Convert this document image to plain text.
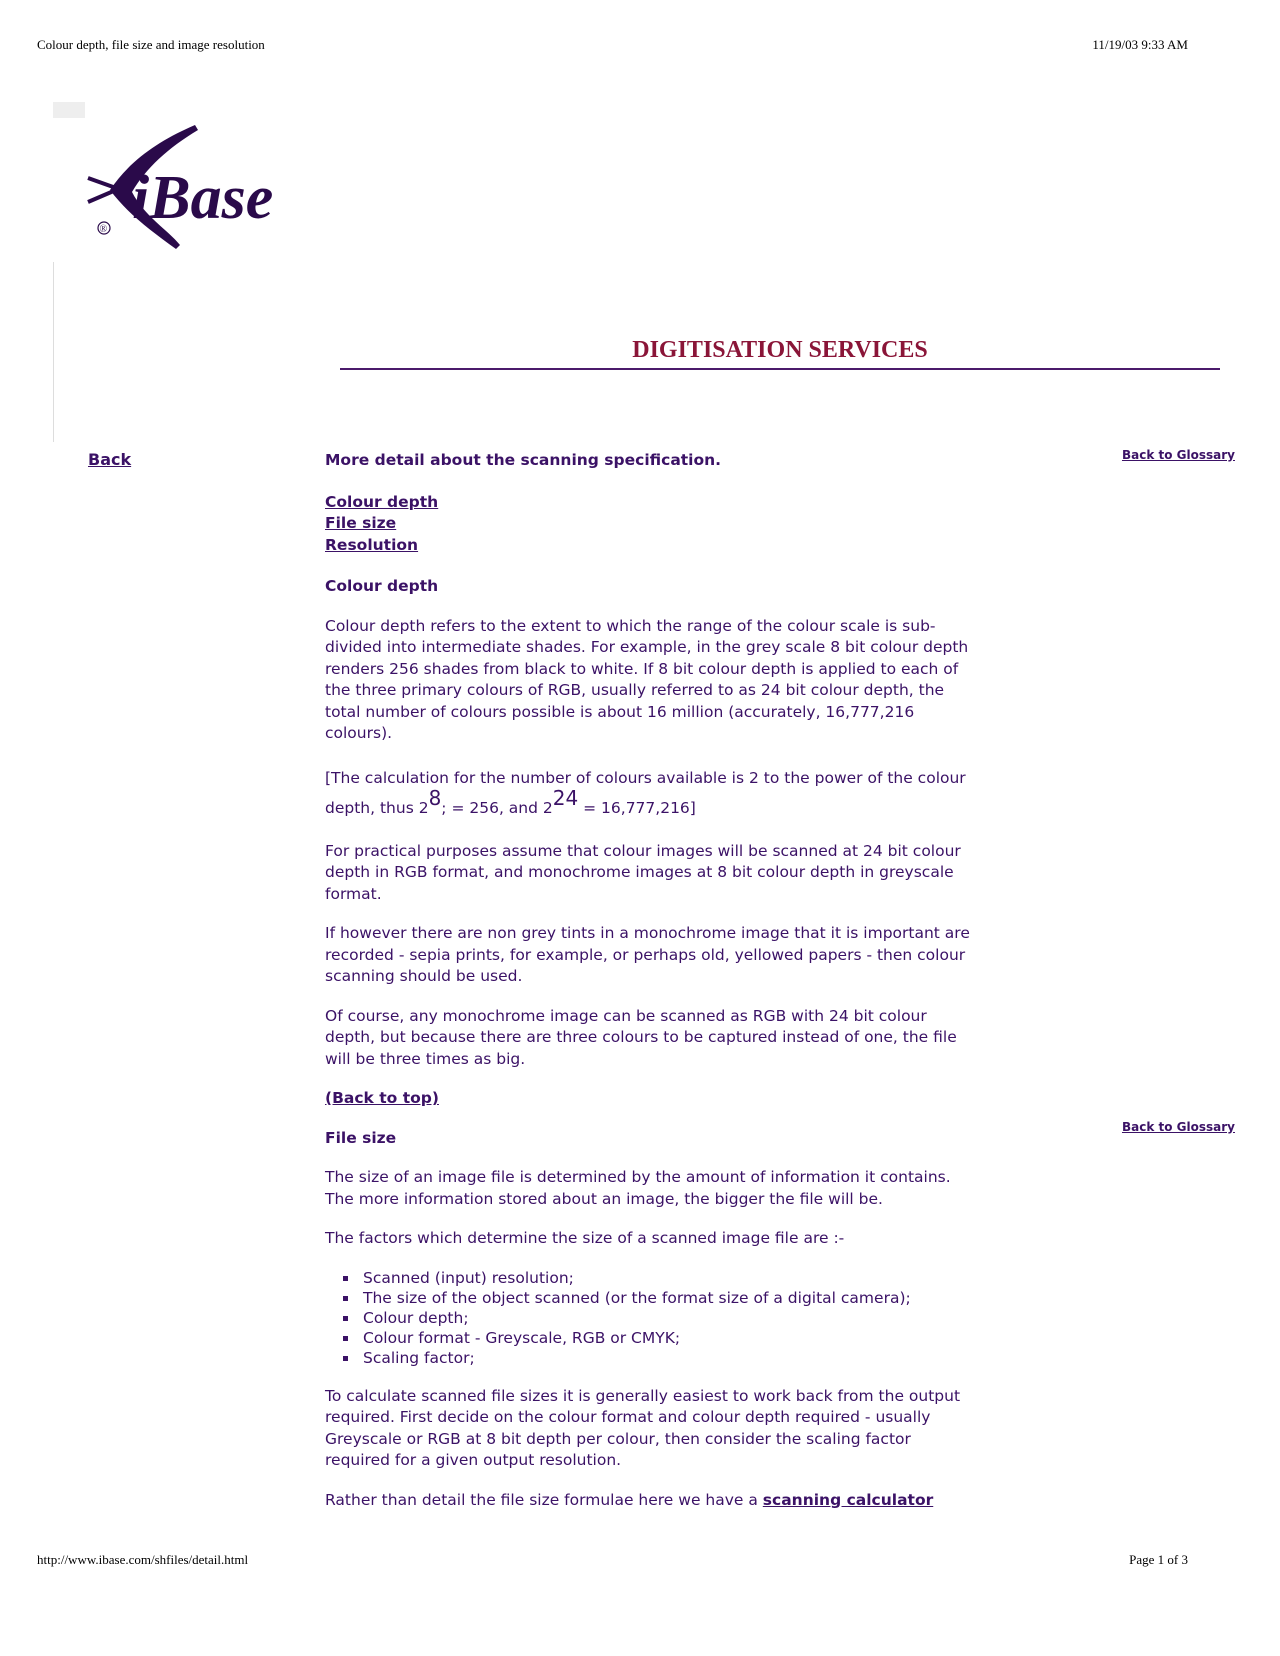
Colour depth, file size and image resolution	11/19/03 9:33 AM
iBase
®
DIGITISATION SERVICES
Back	Back to Glossary
Back to Glossary

More detail about the scanning specification.

Colour depth
File size
Resolution
Colour depth

Colour depth refers to the extent to which the range of the colour scale is sub-divided into intermediate shades. For example, in the grey scale 8 bit colour depth renders 256 shades from black to white. If 8 bit colour depth is applied to each of the three primary colours of RGB, usually referred to as 24 bit colour depth, the total number of colours possible is about 16 million (accurately, 16,777,216 colours).

[The calculation for the number of colours available is 2 to the power of the colour depth, thus 28; = 256, and 224 = 16,777,216]

For practical purposes assume that colour images will be scanned at 24 bit colour depth in RGB format, and monochrome images at 8 bit colour depth in greyscale format.

If however there are non grey tints in a monochrome image that it is important are recorded - sepia prints, for example, or perhaps old, yellowed papers - then colour scanning should be used.

Of course, any monochrome image can be scanned as RGB with 24 bit colour depth, but because there are three colours to be captured instead of one, the file will be three times as big.

(Back to top)

File size

The size of an image file is determined by the amount of information it contains. The more information stored about an image, the bigger the file will be.

The factors which determine the size of a scanned image file are :-

Scanned (input) resolution;
The size of the object scanned (or the format size of a digital camera);
Colour depth;
Colour format - Greyscale, RGB or CMYK;
Scaling factor;

To calculate scanned file sizes it is generally easiest to work back from the output required. First decide on the colour format and colour depth required - usually Greyscale or RGB at 8 bit depth per colour, then consider the scaling factor required for a given output resolution.

Rather than detail the file size formulae here we have a scanning calculator

http://www.ibase.com/shfiles/detail.html	Page 1 of 3
